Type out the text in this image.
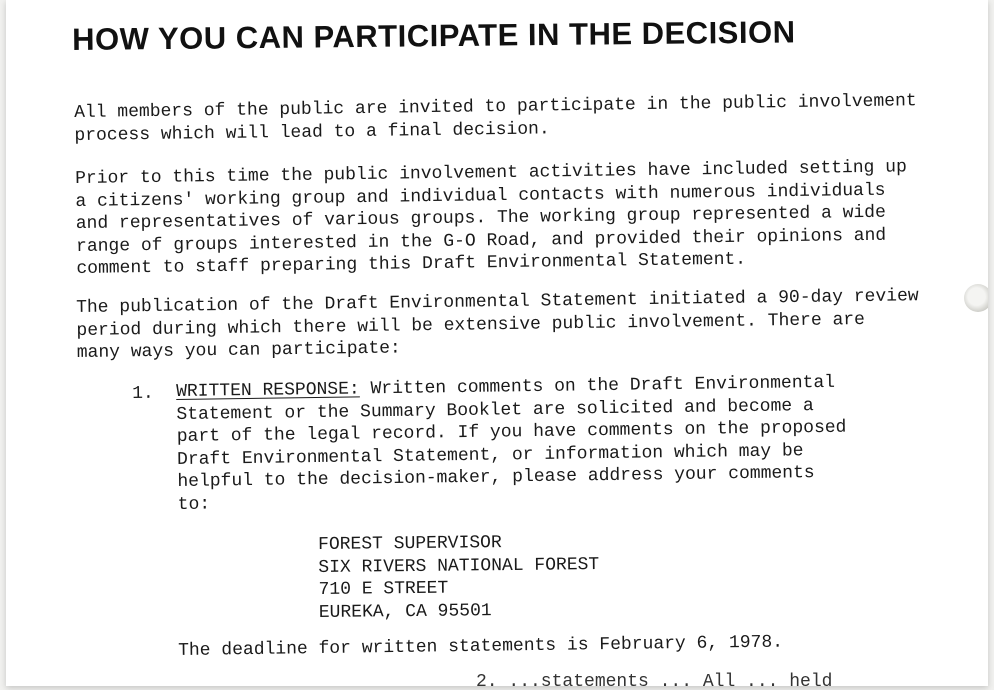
HOW YOU CAN PARTICIPATE IN THE DECISION
All members of the public are invited to participate in the public involvement
process which will lead to a final decision.
Prior to this time the public involvement activities have included setting up
a citizens' working group and individual contacts with numerous individuals
and representatives of various groups. The working group represented a wide
range of groups interested in the G-O Road, and provided their opinions and
comment to staff preparing this Draft Environmental Statement.
The publication of the Draft Environmental Statement initiated a 90-day review
period during which there will be extensive public involvement. There are
many ways you can participate:
1. WRITTEN RESPONSE: Written comments on the Draft Environmental
Statement or the Summary Booklet are solicited and become a
part of the legal record. If you have comments on the proposed
Draft Environmental Statement, or information which may be
helpful to the decision-maker, please address your comments
to:
FOREST SUPERVISOR
SIX RIVERS NATIONAL FOREST
710 E STREET
EUREKA, CA 95501
The deadline for written statements is February 6, 1978.
2. ...statements ... All ... held
